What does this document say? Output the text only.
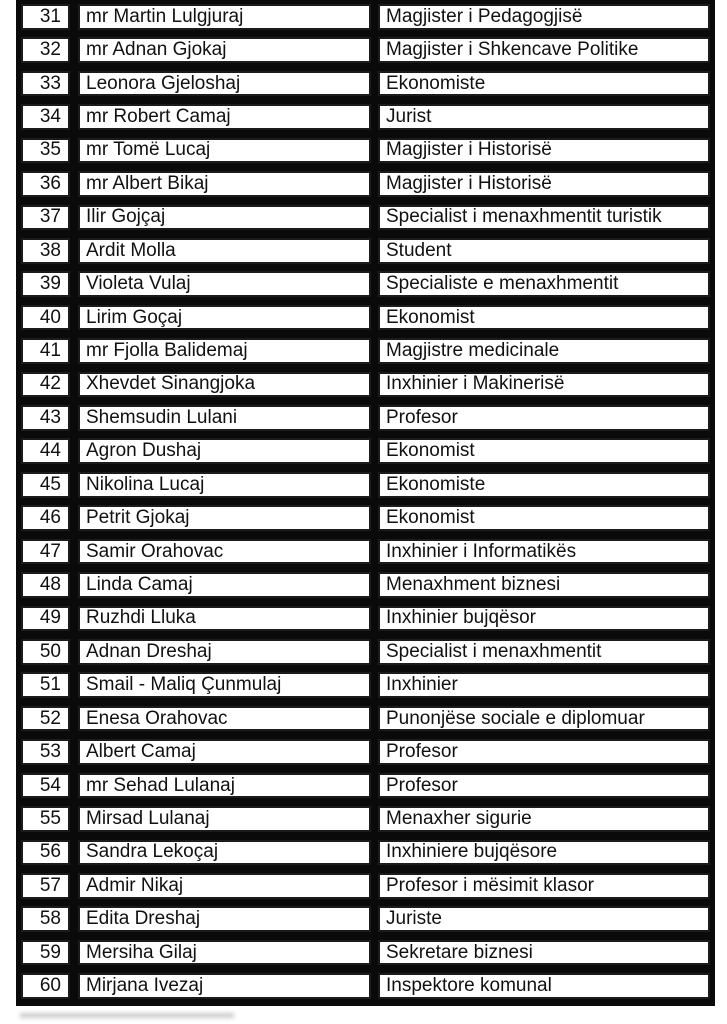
31	mr Martin Lulgjuraj	Magjister i Pedagogjisë
32	mr Adnan Gjokaj	Magjister i Shkencave Politike
33	Leonora Gjeloshaj	Ekonomiste
34	mr Robert Camaj	Jurist
35	mr Tomë Lucaj	Magjister i Historisë
36	mr Albert Bikaj	Magjister i Historisë
37	Ilir Gojçaj	Specialist i menaxhmentit turistik
38	Ardit Molla	Student
39	Violeta Vulaj	Specialiste e menaxhmentit
40	Lirim Goçaj	Ekonomist
41	mr Fjolla Balidemaj	Magjistre medicinale
42	Xhevdet Sinangjoka	Inxhinier i Makinerisë
43	Shemsudin Lulani	Profesor
44	Agron Dushaj	Ekonomist
45	Nikolina Lucaj	Ekonomiste
46	Petrit Gjokaj	Ekonomist
47	Samir Orahovac	Inxhinier i Informatikës
48	Linda Camaj	Menaxhment biznesi
49	Ruzhdi Lluka	Inxhinier bujqësor
50	Adnan Dreshaj	Specialist i menaxhmentit
51	Smail - Maliq Çunmulaj	Inxhinier
52	Enesa Orahovac	Punonjëse sociale e diplomuar
53	Albert Camaj	Profesor
54	mr Sehad Lulanaj	Profesor
55	Mirsad Lulanaj	Menaxher sigurie
56	Sandra Lekoçaj	Inxhiniere bujqësore
57	Admir Nikaj	Profesor i mësimit klasor
58	Edita Dreshaj	Juriste
59	Mersiha Gilaj	Sekretare biznesi
60	Mirjana Ivezaj	Inspektore komunal
